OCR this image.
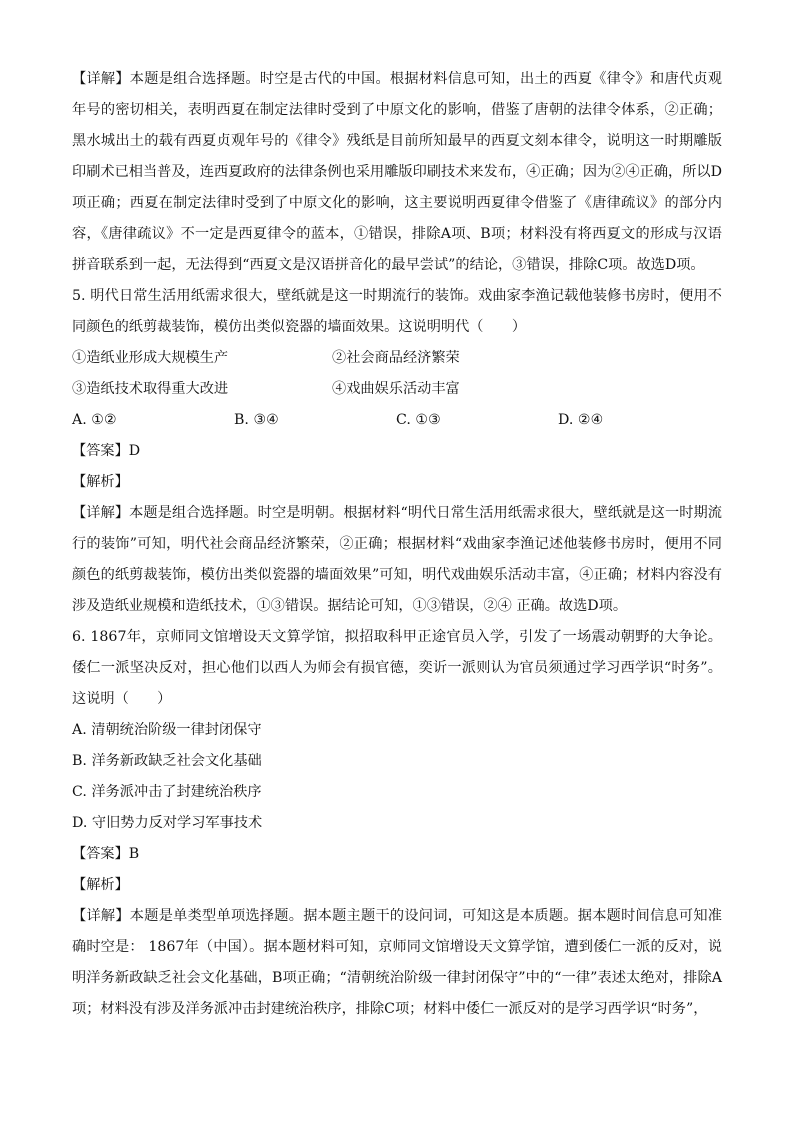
【详解】本题是组合选择题。时空是古代的中国。根据材料信息可知，出土的西夏《律令》和唐代贞观年号的密切相关，表明西夏在制定法律时受到了中原文化的影响，借鉴了唐朝的法律令体系，②正确；黑水城出土的载有西夏贞观年号的《律令》残纸是目前所知最早的西夏文刻本律令，说明这一时期雕版印刷术已相当普及，连西夏政府的法律条例也采用雕版印刷技术来发布，④正确；因为②④正确，所以D项正确；西夏在制定法律时受到了中原文化的影响，这主要说明西夏律令借鉴了《唐律疏议》的部分内容，《唐律疏议》不一定是西夏律令的蓝本，①错误，排除A项、B项；材料没有将西夏文的形成与汉语拼音联系到一起，无法得到“西夏文是汉语拼音化的最早尝试”的结论，③错误，排除C项。故选D项。

5. 明代日常生活用纸需求很大，壁纸就是这一时期流行的装饰。戏曲家李渔记载他装修书房时，便用不同颜色的纸剪裁装饰，模仿出类似瓷器的墙面效果。这说明明代（　　）

①造纸业形成大规模生产	②社会商品经济繁荣
③造纸技术取得重大改进	④戏曲娱乐活动丰富
A. ①②	B. ③④	C. ①③	D. ②④

【答案】D

【解析】

【详解】本题是组合选择题。时空是明朝。根据材料“明代日常生活用纸需求很大，壁纸就是这一时期流行的装饰”可知，明代社会商品经济繁荣，②正确；根据材料“戏曲家李渔记述他装修书房时，便用不同颜色的纸剪裁装饰，模仿出类似瓷器的墙面效果”可知，明代戏曲娱乐活动丰富，④正确；材料内容没有涉及造纸业规模和造纸技术，①③错误。据结论可知，①③错误，②④ 正确。故选D项。

6. 1867年，京师同文馆增设天文算学馆，拟招取科甲正途官员入学，引发了一场震动朝野的大争论。倭仁一派坚决反对，担心他们以西人为师会有损官德，奕䜣一派则认为官员须通过学习西学识“时务”。这说明（　　）

A. 清朝统治阶级一律封闭保守
B. 洋务新政缺乏社会文化基础
C. 洋务派冲击了封建统治秩序
D. 守旧势力反对学习军事技术

【答案】B

【解析】

【详解】本题是单类型单项选择题。据本题主题干的设问词，可知这是本质题。据本题时间信息可知准确时空是： 1867年（中国）。据本题材料可知，京师同文馆增设天文算学馆，遭到倭仁一派的反对，说明洋务新政缺乏社会文化基础，B项正确；“清朝统治阶级一律封闭保守”中的“一律”表述太绝对，排除A项；材料没有涉及洋务派冲击封建统治秩序，排除C项；材料中倭仁一派反对的是学习西学识“时务”，
